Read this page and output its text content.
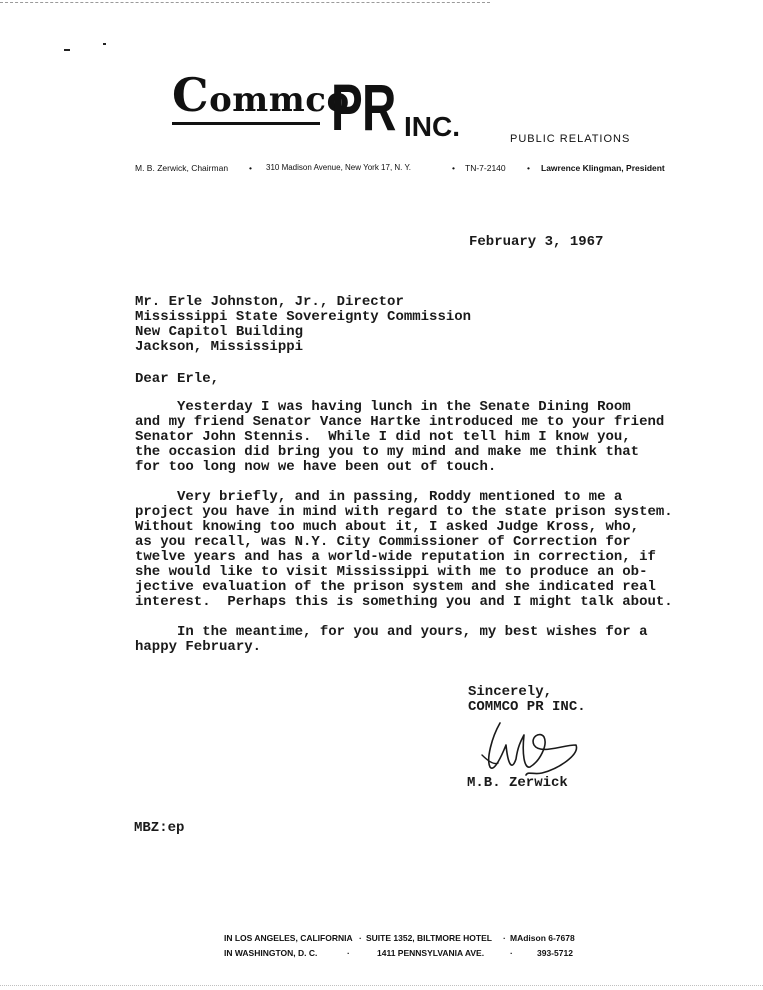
Commco
PR INC.	PUBLIC RELATIONS
M. B. Zerwick, Chairman • 310 Madison Avenue, New York 17, N. Y.	• TN-7-2140	• Lawrence Klingman, President
February 3, 1967
Mr. Erle Johnston, Jr., Director
Mississippi State Sovereignty Commission
New Capitol Building
Jackson, Mississippi
Dear Erle,
Yesterday I was having lunch in the Senate Dining Room
and my friend Senator Vance Hartke introduced me to your friend
Senator John Stennis.  While I did not tell him I know you,
the occasion did bring you to my mind and make me think that
for too long now we have been out of touch.
Very briefly, and in passing, Roddy mentioned to me a
project you have in mind with regard to the state prison system.
Without knowing too much about it, I asked Judge Kross, who,
as you recall, was N.Y. City Commissioner of Correction for
twelve years and has a world-wide reputation in correction, if
she would like to visit Mississippi with me to produce an ob-
jective evaluation of the prison system and she indicated real
interest.  Perhaps this is something you and I might talk about.
In the meantime, for you and yours, my best wishes for a
happy February.
Sincerely,
COMMCO PR INC.
M.B. Zerwick
MBZ:ep
IN LOS ANGELES, CALIFORNIA · SUITE 1352, BILTMORE HOTEL · MAdison 6-7678
IN WASHINGTON, D. C.	·	1411 PENNSYLVANIA AVE.	·	393-5712
